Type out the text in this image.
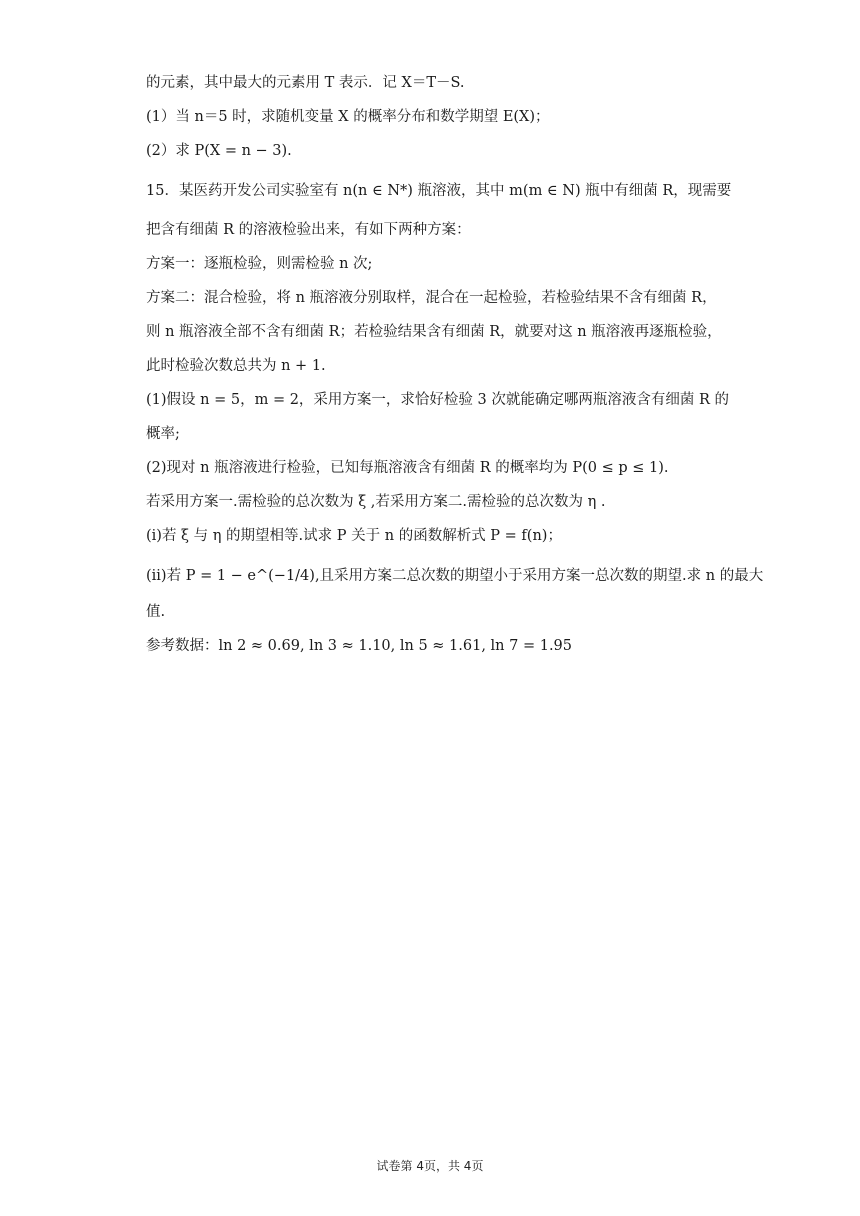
的元素，其中最大的元素用 T 表示．记 X＝T－S.
(1）当 n＝5 时，求随机变量 X 的概率分布和数学期望 E(X)；
(2）求 P(X = n − 3).
15．某医药开发公司实验室有 n(n ∈ N*) 瓶溶液，其中 m(m ∈ N) 瓶中有细菌 R，现需要
把含有细菌 R 的溶液检验出来，有如下两种方案：
方案一：逐瓶检验，则需检验 n 次;
方案二：混合检验，将 n 瓶溶液分别取样，混合在一起检验，若检验结果不含有细菌 R，
则 n 瓶溶液全部不含有细菌 R；若检验结果含有细菌 R，就要对这 n 瓶溶液再逐瓶检验，
此时检验次数总共为 n + 1.
(1)假设 n = 5，m = 2，采用方案一，求恰好检验 3 次就能确定哪两瓶溶液含有细菌 R 的
概率;
(2)现对 n 瓶溶液进行检验，已知每瓶溶液含有细菌 R 的概率均为 P(0 ≤ p ≤ 1).
若采用方案一.需检验的总次数为 ξ ,若采用方案二.需检验的总次数为 η .
(i)若 ξ 与 η 的期望相等.试求 P 关于 n 的函数解析式 P = f(n)；
(ii)若 P = 1 − e^(−1/4),且采用方案二总次数的期望小于采用方案一总次数的期望.求 n 的最大
值.
参考数据：ln 2 ≈ 0.69, ln 3 ≈ 1.10, ln 5 ≈ 1.61, ln 7 = 1.95
试卷第 4页，共 4页
